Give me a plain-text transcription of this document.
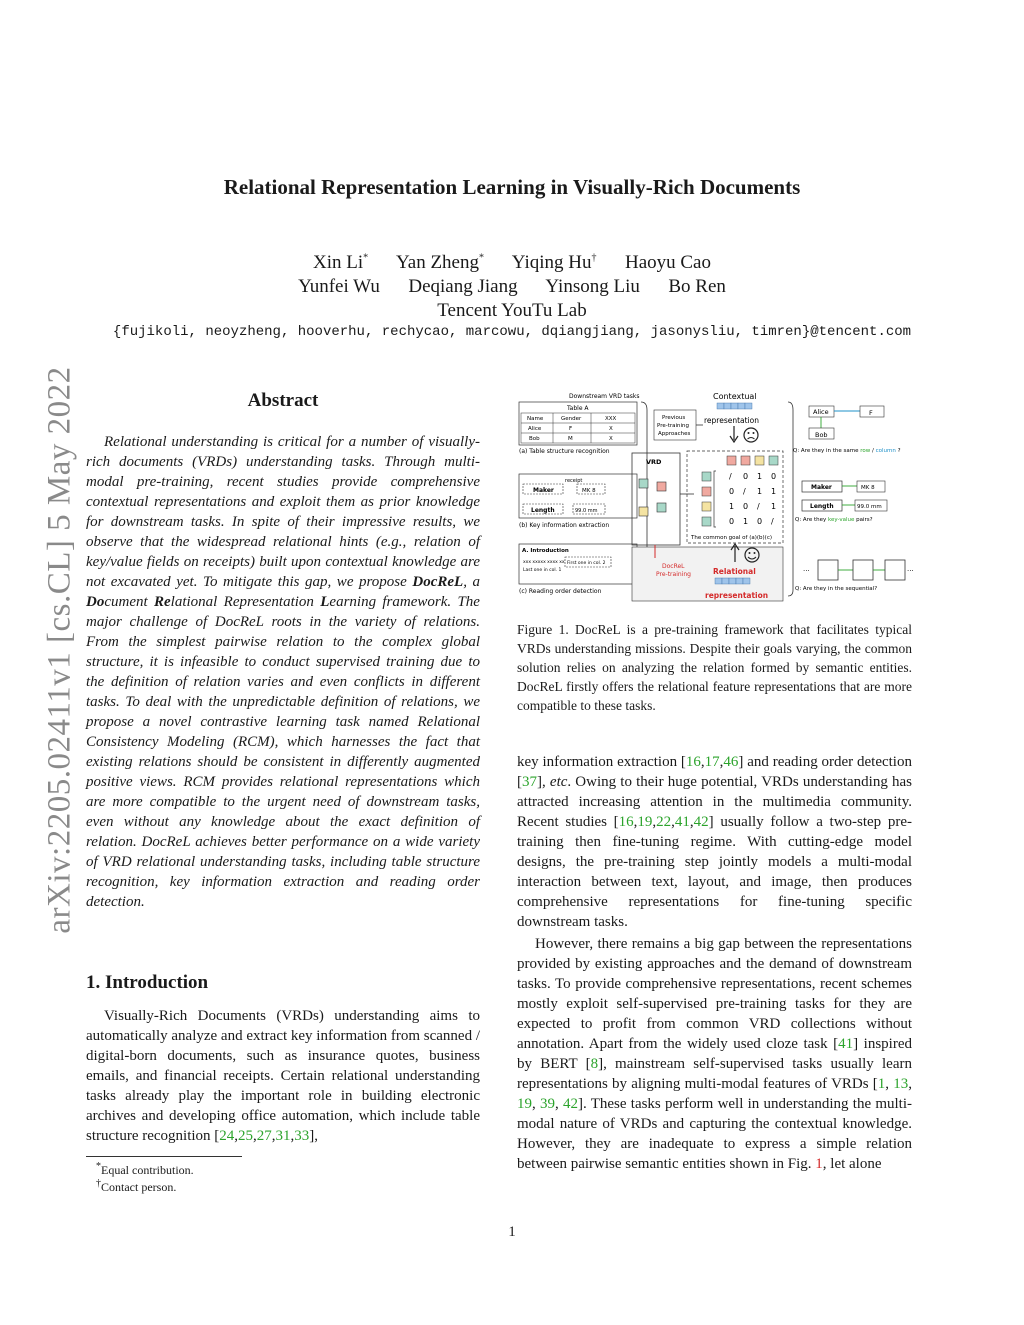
arXiv:2205.02411v1 [cs.CL] 5 May 2022
Relational Representation Learning in Visually-Rich Documents
Xin Li* Yan Zheng* Yiqing Hu† Haoyu Cao
Yunfei Wu Deqiang Jiang Yinsong Liu Bo Ren
Tencent YouTu Lab
{fujikoli, neoyzheng, hooverhu, rechycao, marcowu, dqiangjiang, jasonysliu, timren}@tencent.com
Abstract
Relational understanding is critical for a number of visually-rich documents (VRDs) understanding tasks. Through multi-modal pre-training, recent studies provide comprehensive contextual representations and exploit them as prior knowledge for downstream tasks. In spite of their impressive results, we observe that the widespread relational hints (e.g., relation of key/value fields on receipts) built upon contextual knowledge are not excavated yet. To mitigate this gap, we propose DocReL, a Document Relational Representation Learning framework. The major challenge of DocReL roots in the variety of relations. From the simplest pairwise relation to the complex global structure, it is infeasible to conduct supervised training due to the definition of relation varies and even conflicts in different tasks. To deal with the unpredictable definition of relations, we propose a novel contrastive learning task named Relational Consistency Modeling (RCM), which harnesses the fact that existing relations should be consistent in differently augmented positive views. RCM provides relational representations which are more compatible to the urgent need of downstream tasks, even without any knowledge about the exact definition of relation. DocReL achieves better performance on a wide variety of VRD relational understanding tasks, including table structure recognition, key information extraction and reading order detection.
1. Introduction
Visually-Rich Documents (VRDs) understanding aims to automatically analyze and extract key information from scanned / digital-born documents, such as insurance quotes, business emails, and financial receipts. Certain relational understanding tasks already play the important role in building electronic archives and developing office automation, which include table structure recognition [24,25,27,31,33],
*Equal contribution.
†Contact person.
Downstream VRD tasks
Table A
Name	Gender	XXX
Alice	F	X
Bob	M	X
(a) Table structure recognition
receipt
Maker	MK 8
Length	99.0 mm
(b) Key information extraction
A. Introduction
xxx xxxxx xxxx xx
Last one in col. 1
First one in col. 2
(c) Reading order detection
Previous
Pre-training
Approaches
Contextual
representation
VRD
/ 0 1 0
0 / 1 1
1 0 / 1
0 1 0 /
The common goal of (a)(b)(c)
DocReL
Pre-training	Relational
representation
Alice	F
Bob
Q: Are they in the same row / column ?
Maker	MK 8
Length	99.0 mm
Q: Are they key-value pairs?
...	...
Q: Are they in the sequential?
Figure 1. DocReL is a pre-training framework that facilitates typical VRDs understanding missions. Despite their goals varying, the common solution relies on analyzing the relation formed by semantic entities. DocReL firstly offers the relational feature representations that are more compatible to these tasks.
key information extraction [16,17,46] and reading order detection [37], etc. Owing to their huge potential, VRDs understanding has attracted increasing attention in the multimedia community. Recent studies [16,19,22,41,42] usually follow a two-step pre-training then fine-tuning regime. With cutting-edge model designs, the pre-training step jointly models a multi-modal interaction between text, layout, and image, then produces comprehensive representations for fine-tuning specific downstream tasks.
However, there remains a big gap between the representations provided by existing approaches and the demand of downstream tasks. To provide comprehensive representations, recent schemes mostly exploit self-supervised pre-training tasks for they are expected to profit from common VRD collections without annotation. Apart from the widely used cloze task [41] inspired by BERT [8], mainstream self-supervised tasks usually learn representations by aligning multi-modal features of VRDs [1, 13, 19, 39, 42]. These tasks perform well in understanding the multi-modal nature of VRDs and capturing the contextual knowledge. However, they are inadequate to express a simple relation between pairwise semantic entities shown in Fig. 1, let alone
1
